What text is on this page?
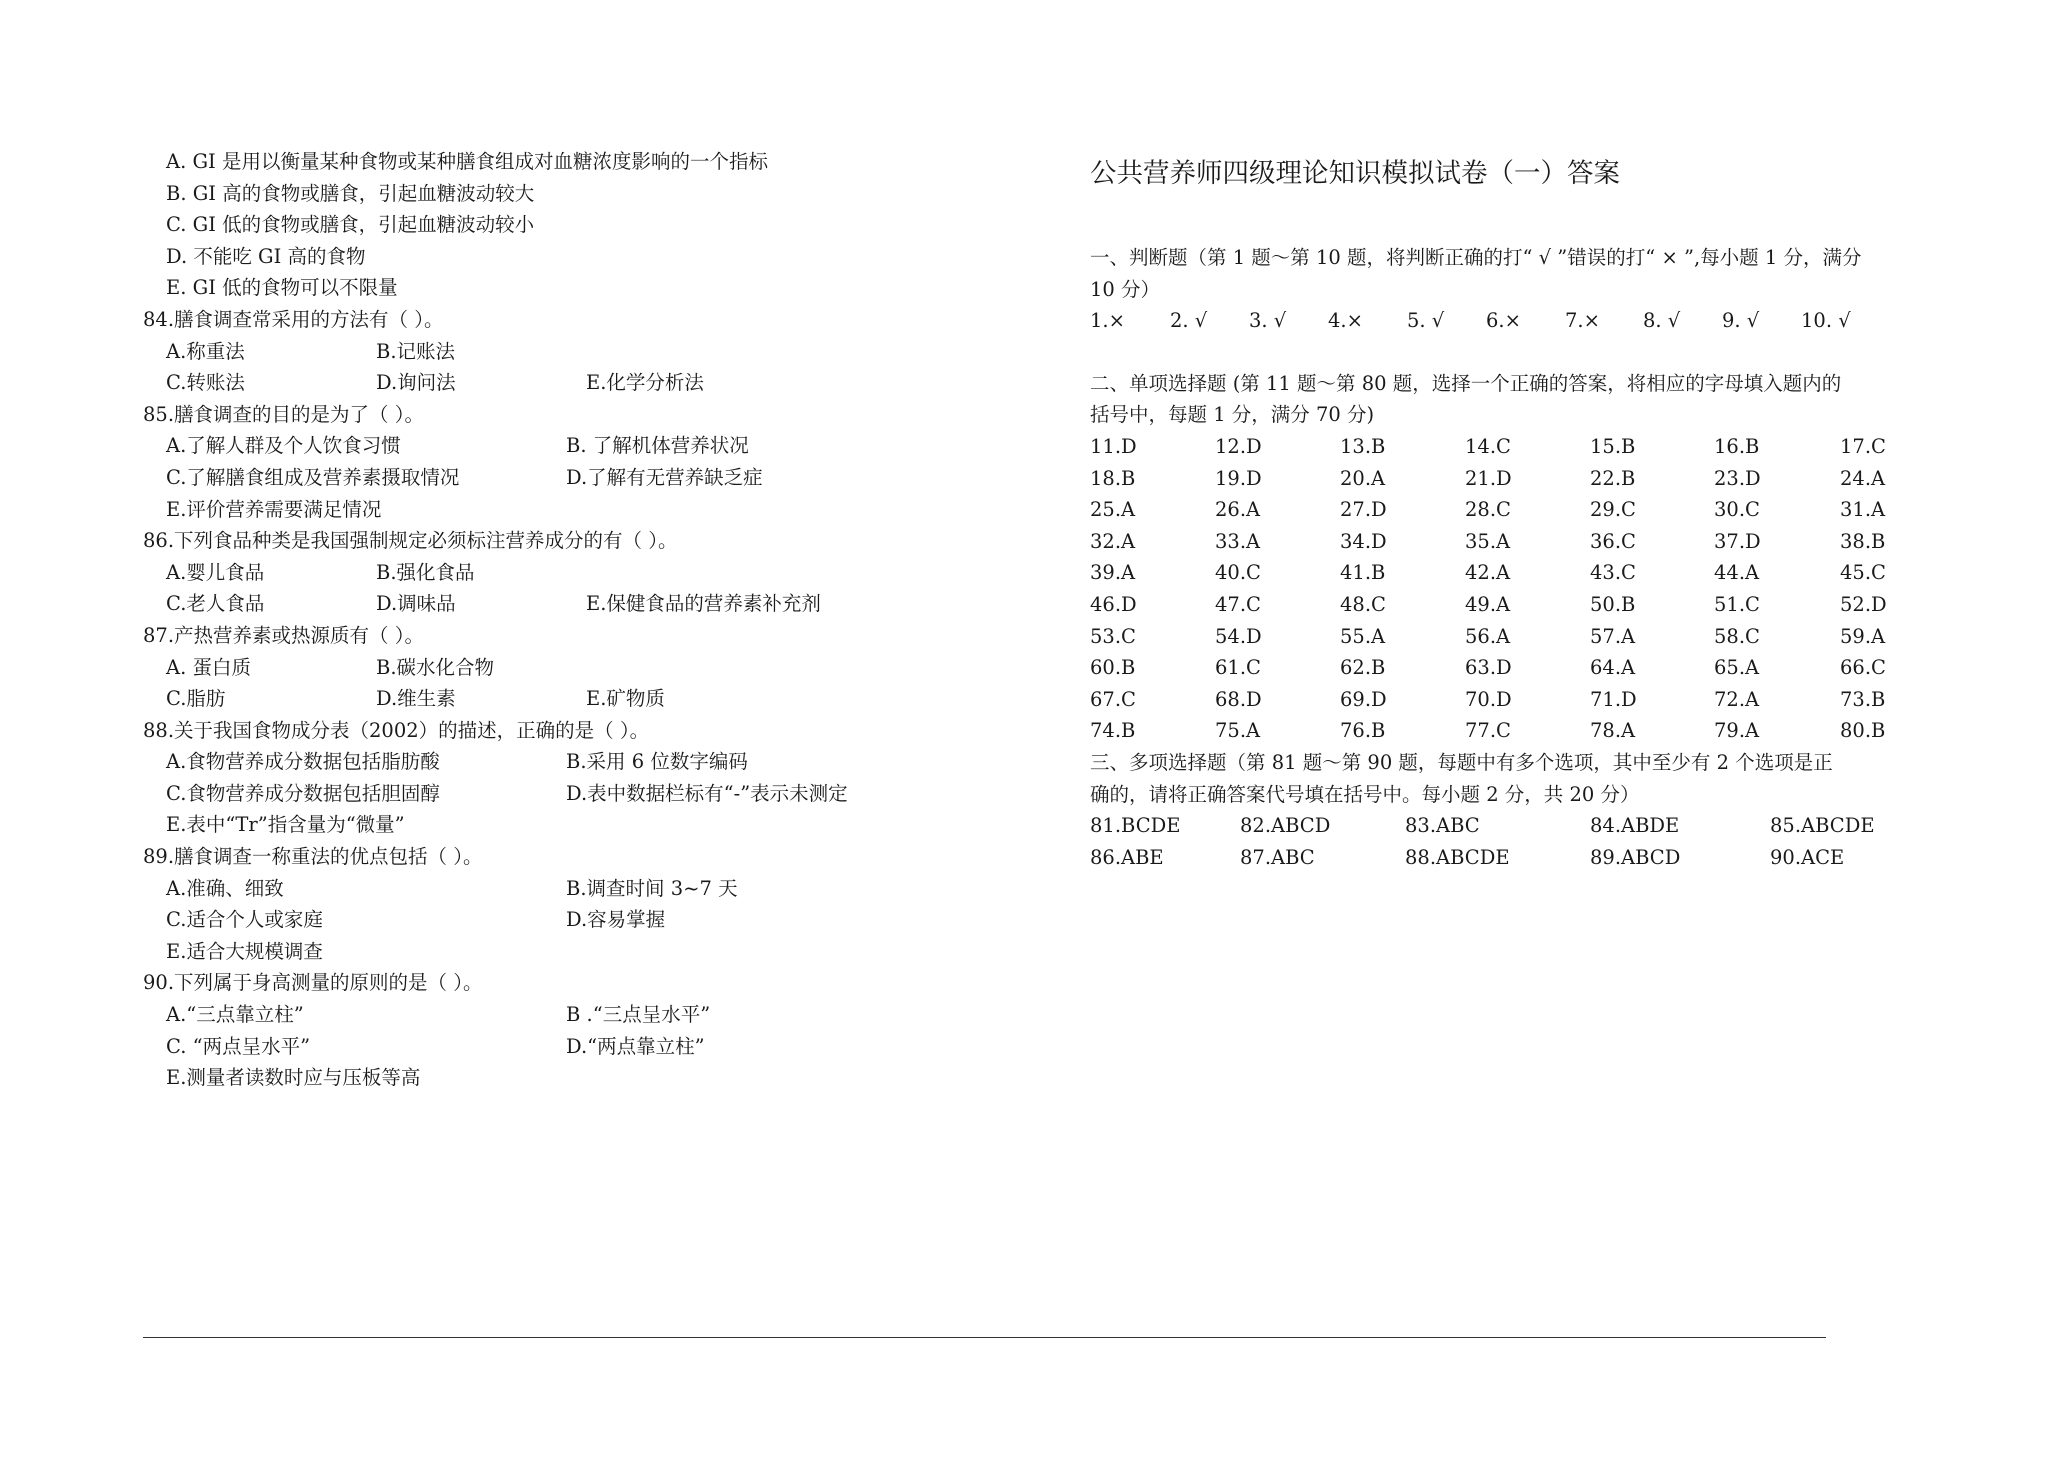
A. GI 是用以衡量某种食物或某种膳食组成对血糖浓度影响的一个指标
B. GI 高的食物或膳食，引起血糖波动较大
C. GI 低的食物或膳食，引起血糖波动较小
D. 不能吃 GI 高的食物
E. GI 低的食物可以不限量
84.膳食调查常采用的方法有（ ）。
A.称重法	B.记账法
C.转账法	D.询问法	E.化学分析法
85.膳食调查的目的是为了（ ）。
A.了解人群及个人饮食习惯	B. 了解机体营养状况
C.了解膳食组成及营养素摄取情况	D.了解有无营养缺乏症
E.评价营养需要满足情况
86.下列食品种类是我国强制规定必须标注营养成分的有（ ）。
A.婴儿食品	B.强化食品
C.老人食品	D.调味品	E.保健食品的营养素补充剂
87.产热营养素或热源质有（ ）。
A. 蛋白质	B.碳水化合物
C.脂肪	D.维生素	E.矿物质
88.关于我国食物成分表（2002）的描述，正确的是（ ）。
A.食物营养成分数据包括脂肪酸	B.采用 6 位数字编码
C.食物营养成分数据包括胆固醇	D.表中数据栏标有“-”表示未测定
E.表中“Tr”指含量为“微量”
89.膳食调查一称重法的优点包括（ ）。
A.准确、细致	B.调查时间 3~7 天
C.适合个人或家庭	D.容易掌握
E.适合大规模调查
90.下列属于身高测量的原则的是（ ）。
A.“三点靠立柱”	B .“三点呈水平”
C. “两点呈水平”	D.“两点靠立柱”
E.测量者读数时应与压板等高
公共营养师四级理论知识模拟试卷（一）答案
一、判断题（第 1 题～第 10 题，将判断正确的打“ √ ”错误的打“ × ”,每小题 1 分，满分
10 分）
1.× 2. √ 3. √ 4.× 5. √ 6.× 7.× 8. √ 9. √ 10. √
二、单项选择题 (第 11 题～第 80 题，选择一个正确的答案，将相应的字母填入题内的
括号中，每题 1 分，满分 70 分)
11.D	12.D	13.B	14.C	15.B	16.B	17.C
18.B	19.D	20.A	21.D	22.B	23.D	24.A
25.A	26.A	27.D	28.C	29.C	30.C	31.A
32.A	33.A	34.D	35.A	36.C	37.D	38.B
39.A	40.C	41.B	42.A	43.C	44.A	45.C
46.D	47.C	48.C	49.A	50.B	51.C	52.D
53.C	54.D	55.A	56.A	57.A	58.C	59.A
60.B	61.C	62.B	63.D	64.A	65.A	66.C
67.C	68.D	69.D	70.D	71.D	72.A	73.B
74.B	75.A	76.B	77.C	78.A	79.A	80.B
三、多项选择题（第 81 题～第 90 题，每题中有多个选项，其中至少有 2 个选项是正
确的，请将正确答案代号填在括号中。每小题 2 分，共 20 分）
81.BCDE	82.ABCD	83.ABC	84.ABDE	85.ABCDE
86.ABE	87.ABC	88.ABCDE	89.ABCD	90.ACE
